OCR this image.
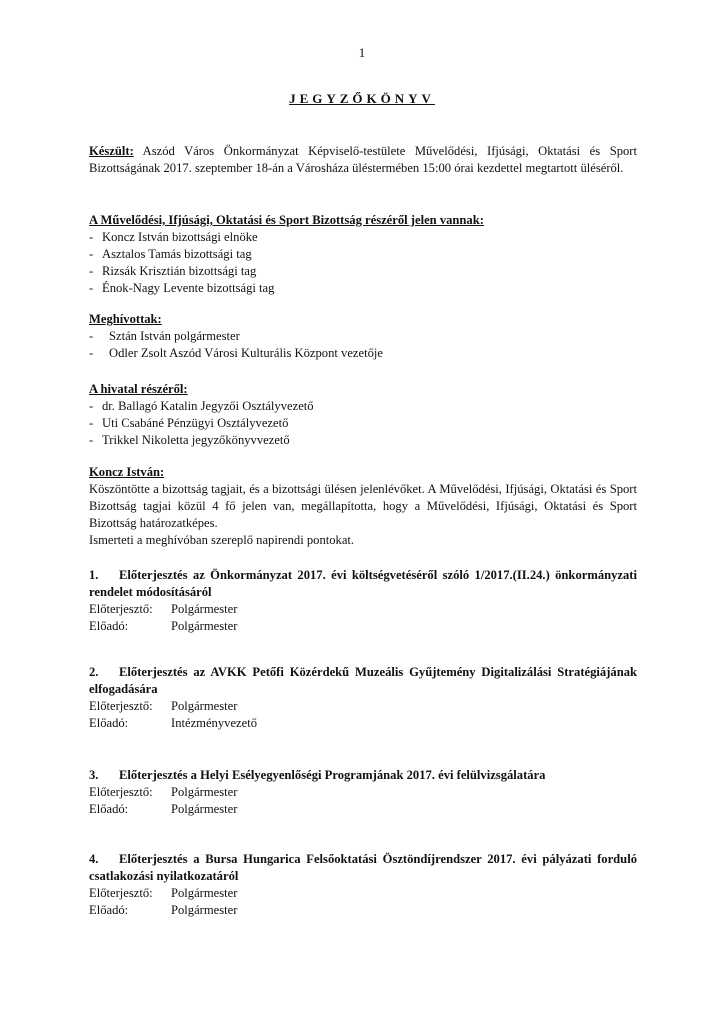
1
JEGYZŐKÖNYV

Készült: Aszód Város Önkormányzat Képviselő-testülete Művelődési, Ifjúsági, Oktatási és Sport Bizottságának 2017. szeptember 18-án a Városháza üléstermében 15:00 órai kezdettel megtartott üléséről.

A Művelődési, Ifjúsági, Oktatási és Sport Bizottság részéről jelen vannak:
- Koncz István bizottsági elnöke
- Asztalos Tamás bizottsági tag
- Rizsák Krisztián bizottsági tag
- Énok-Nagy Levente bizottsági tag
Meghívottak:
- Sztán István polgármester
- Odler Zsolt Aszód Városi Kulturális Központ vezetője
A hivatal részéről:
- dr. Ballagó Katalin Jegyzői Osztályvezető
- Uti Csabáné Pénzügyi Osztályvezető
- Trikkel Nikoletta jegyzőkönyvvezető
Koncz István:

Köszöntötte a bizottság tagjait, és a bizottsági ülésen jelenlévőket. A Művelődési, Ifjúsági, Oktatási és Sport Bizottság tagjai közül 4 fő jelen van, megállapította, hogy a Művelődési, Ifjúsági, Oktatási és Sport Bizottság határozatképes.

Ismerteti a meghívóban szereplő napirendi pontokat.

1. Előterjesztés az Önkormányzat 2017. évi költségvetéséről szóló 1/2017.(II.24.) önkormányzati rendelet módosításáról

Előterjesztő:	Polgármester
Előadó:	Polgármester

2. Előterjesztés az AVKK Petőfi Közérdekű Muzeális Gyűjtemény Digitalizálási Stratégiájának elfogadására

Előterjesztő:	Polgármester
Előadó:	Intézményvezető

3. Előterjesztés a Helyi Esélyegyenlőségi Programjának 2017. évi felülvizsgálatára

Előterjesztő:	Polgármester
Előadó:	Polgármester

4. Előterjesztés a Bursa Hungarica Felsőoktatási Ösztöndíjrendszer 2017. évi pályázati forduló csatlakozási nyilatkozatáról

Előterjesztő:	Polgármester
Előadó:	Polgármester
